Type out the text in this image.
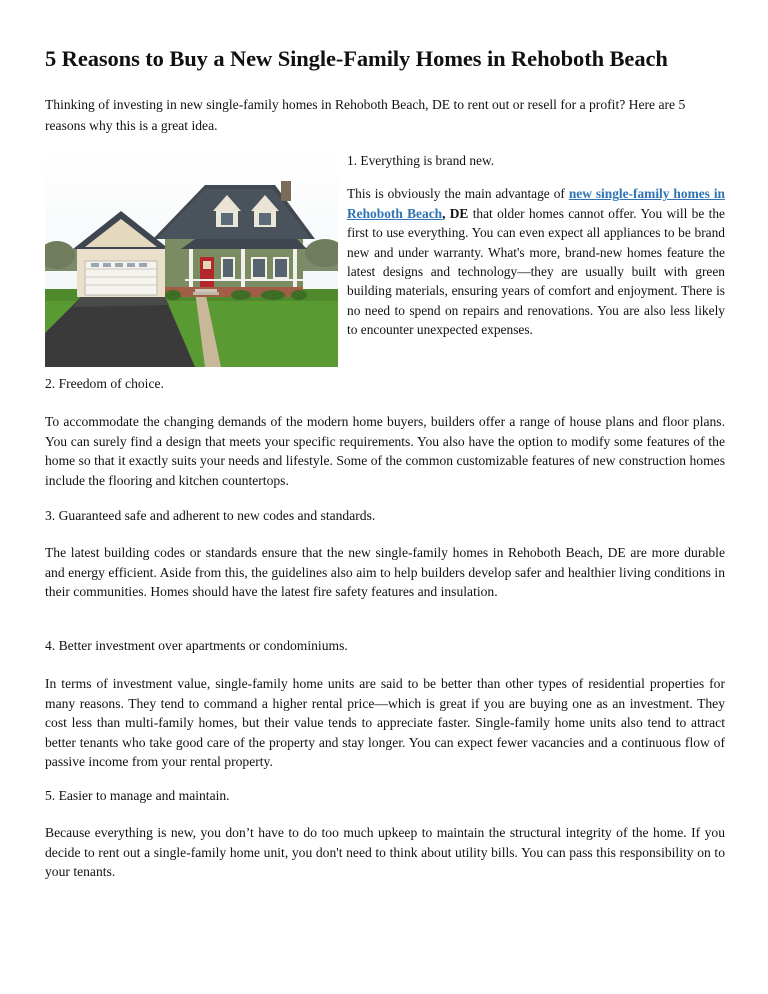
5 Reasons to Buy a New Single-Family Homes in Rehoboth Beach
Thinking of investing in new single-family homes in Rehoboth Beach, DE to rent out or resell for a profit? Here are 5 reasons why this is a great idea.

1. Everything is brand new.

This is obviously the main advantage of new single-family homes in Rehoboth Beach, DE that older homes cannot offer. You will be the first to use everything. You can even expect all appliances to be brand new and under warranty. What's more, brand-new homes feature the latest designs and technology—they are usually built with green building materials, ensuring years of comfort and enjoyment. There is no need to spend on repairs and renovations. You are also less likely to encounter unexpected expenses.

2. Freedom of choice.
To accommodate the changing demands of the modern home buyers, builders offer a range of house plans and floor plans. You can surely find a design that meets your specific requirements. You also have the option to modify some features of the home so that it exactly suits your needs and lifestyle. Some of the common customizable features of new construction homes include the flooring and kitchen countertops.
3. Guaranteed safe and adherent to new codes and standards.
The latest building codes or standards ensure that the new single-family homes in Rehoboth Beach, DE are more durable and energy efficient. Aside from this, the guidelines also aim to help builders develop safer and healthier living conditions in their communities. Homes should have the latest fire safety features and insulation.
4. Better investment over apartments or condominiums.
In terms of investment value, single-family home units are said to be better than other types of residential properties for many reasons. They tend to command a higher rental price—which is great if you are buying one as an investment. They cost less than multi-family homes, but their value tends to appreciate faster. Single-family home units also tend to attract better tenants who take good care of the property and stay longer. You can expect fewer vacancies and a continuous flow of passive income from your rental property.
5. Easier to manage and maintain.
Because everything is new, you don’t have to do too much upkeep to maintain the structural integrity of the home. If you decide to rent out a single-family home unit, you don't need to think about utility bills. You can pass this responsibility on to your tenants.
